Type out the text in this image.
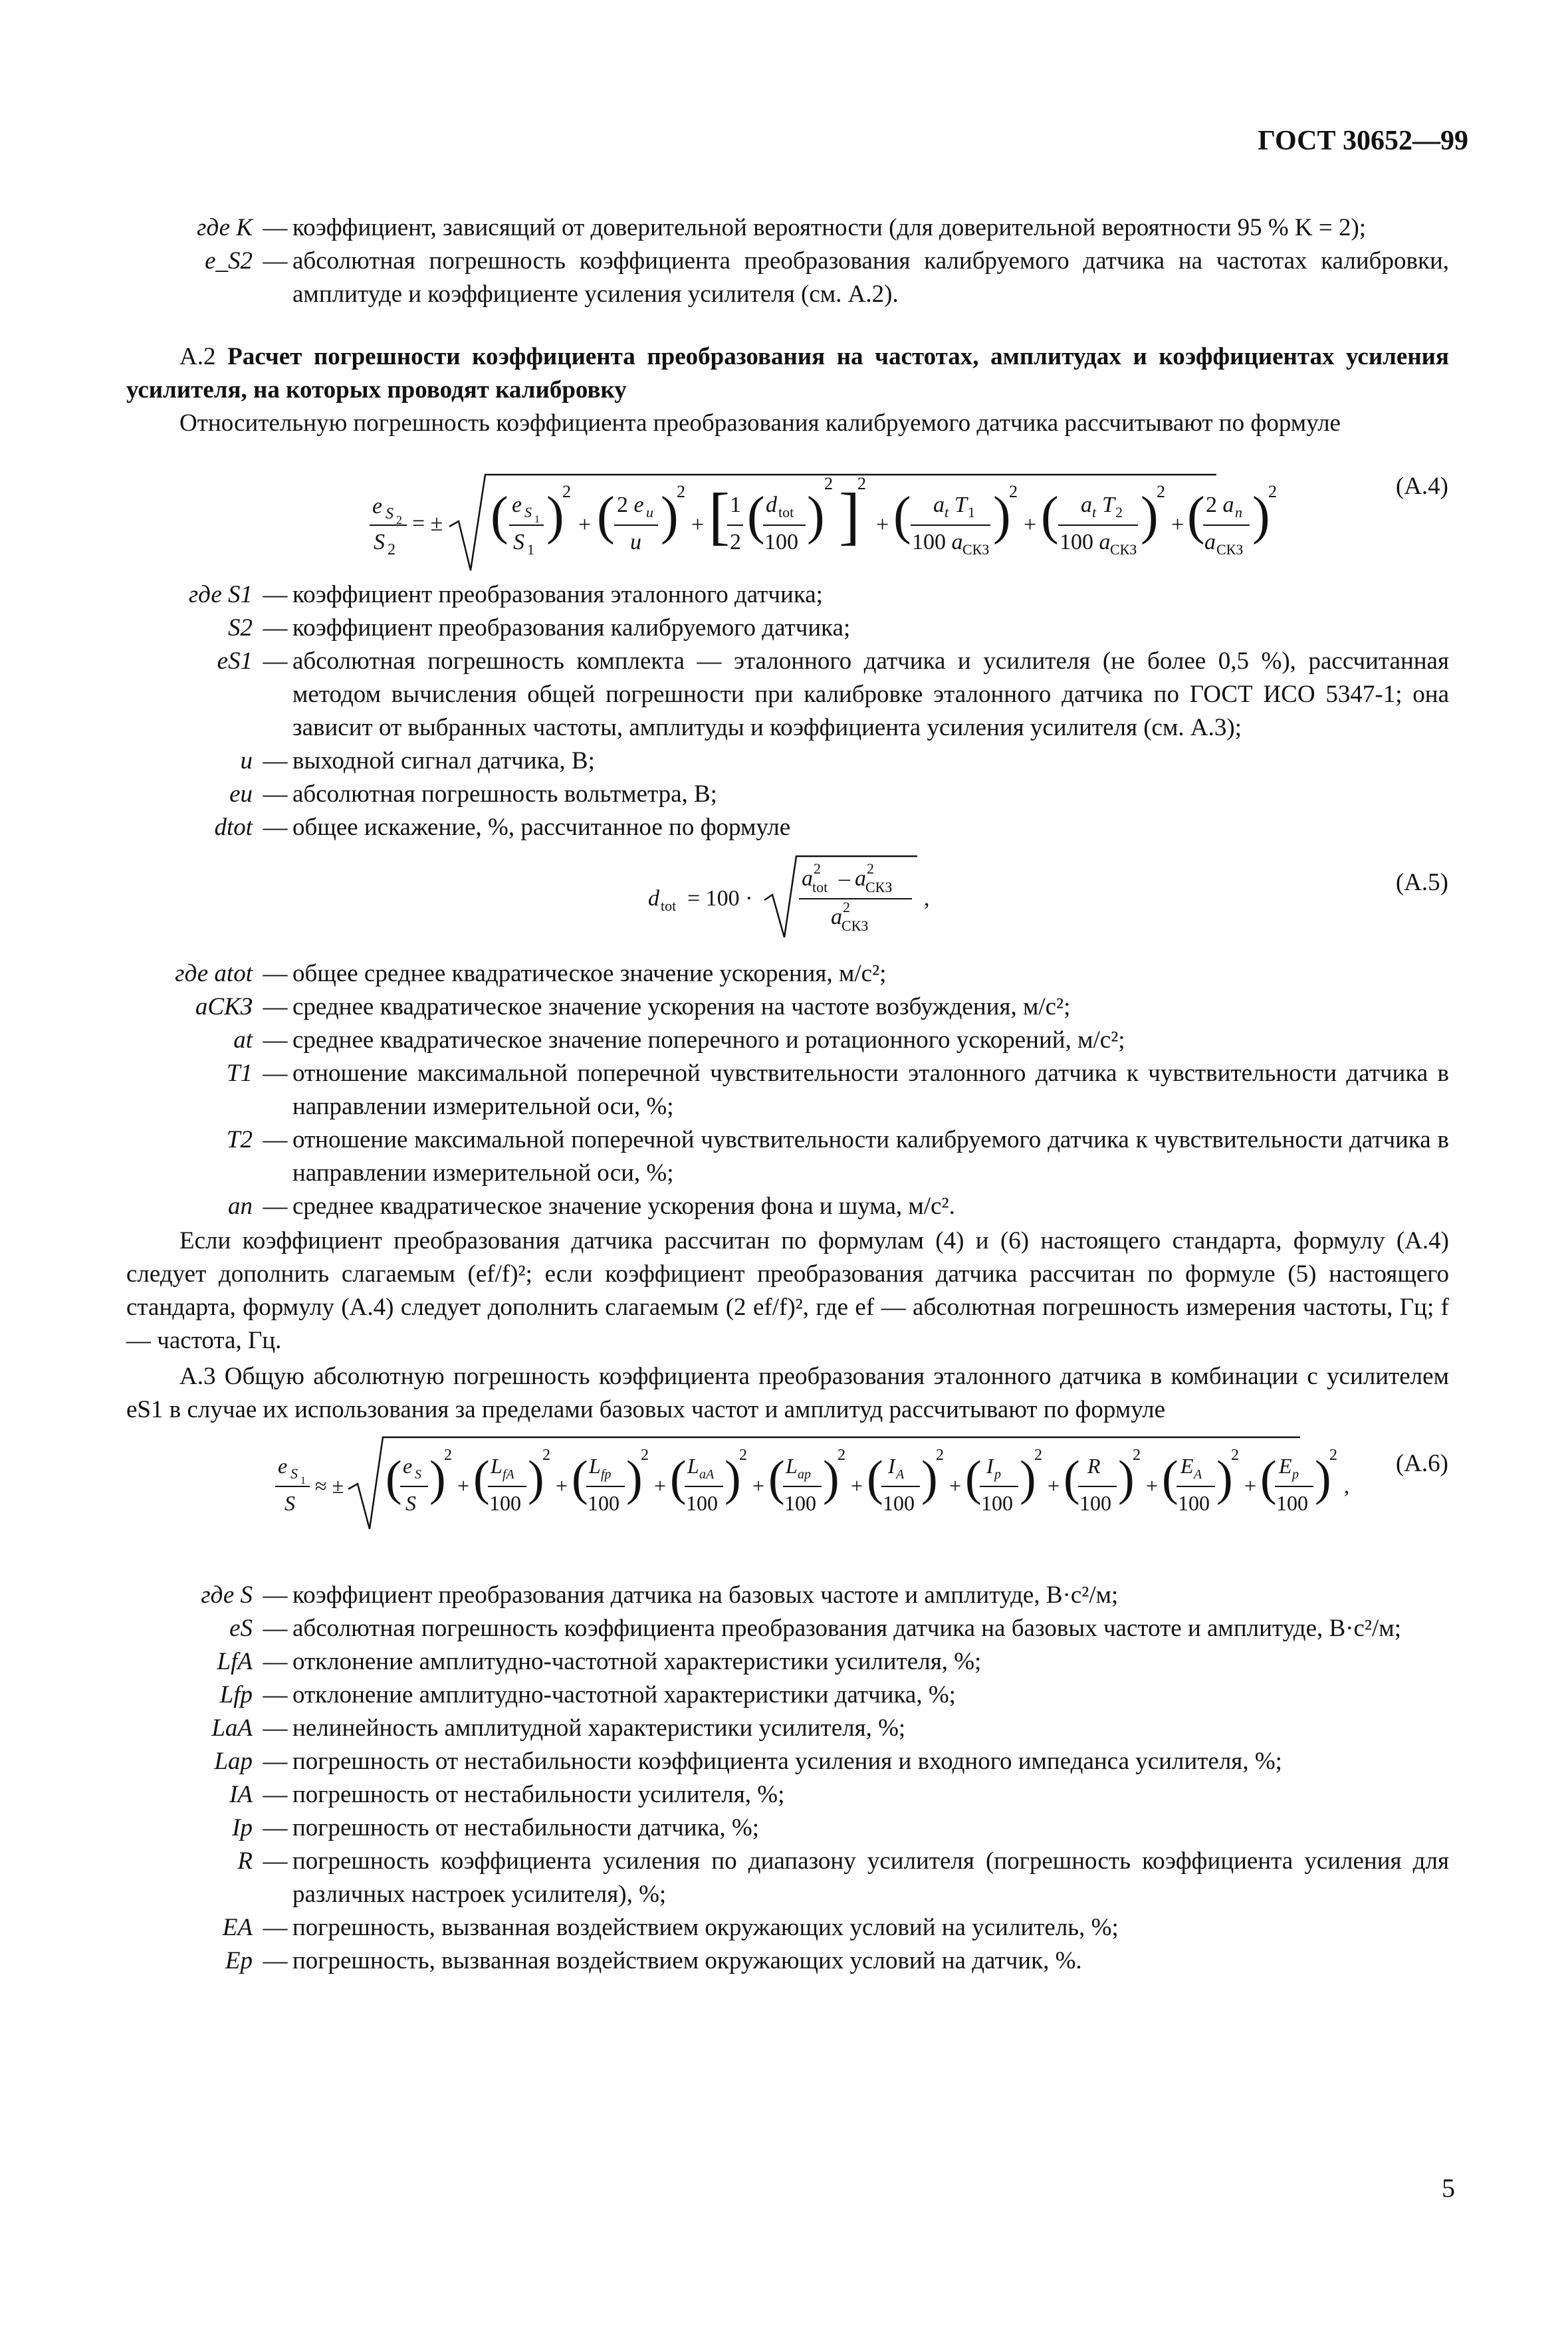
ГОСТ 30652—99
где K — коэффициент, зависящий от доверительной вероятности (для доверительной вероятности 95 % K = 2);
e_S2 — абсолютная погрешность коэффициента преобразования калибруемого датчика на частотах калибровки, амплитуде и коэффициенте усиления усилителя (см. А.2).
А.2 Расчет погрешности коэффициента преобразования на частотах, амплитудах и коэффициентах усиления усилителя, на которых проводят калибровку
Относительную погрешность коэффициента преобразования калибруемого датчика рассчитывают по формуле
e S 2
S 2
= ± ( e S 1
S 1
)
2
+ ( 2 e u
u )
2
+ [ 1
2 ( d tot
100 )
2 ]
2
+ ( a t T 1
100 a СКЗ
)
2
+ ( a t T 2
100 a СКЗ
)
2
+ ( 2 a n
a СКЗ
)
2	(А.4)
где S1 — коэффициент преобразования эталонного датчика;
S2 — коэффициент преобразования калибруемого датчика;
eS1 — абсолютная погрешность комплекта — эталонного датчика и усилителя (не более 0,5 %), рассчитанная методом вычисления общей погрешности при калибровке эталонного датчика по ГОСТ ИСО 5347-1; она зависит от выбранных частоты, амплитуды и коэффициента усиления усилителя (см. А.3);
u — выходной сигнал датчика, В;
eu — абсолютная погрешность вольтметра, В;
dtot — общее искажение, %, рассчитанное по формуле
d tot = 100 ·
a 2
tot – a 2
СКЗ
a 2
СКЗ
,
(А.5)
где atot — общее среднее квадратическое значение ускорения, м/с²;
aСКЗ — среднее квадратическое значение ускорения на частоте возбуждения, м/с²;
at — среднее квадратическое значение поперечного и ротационного ускорений, м/с²;
T1 — отношение максимальной поперечной чувствительности эталонного датчика к чувствительности датчика в направлении измерительной оси, %;
T2 — отношение максимальной поперечной чувствительности калибруемого датчика к чувствительности датчика в направлении измерительной оси, %;
an — среднее квадратическое значение ускорения фона и шума, м/с².
Если коэффициент преобразования датчика рассчитан по формулам (4) и (6) настоящего стандарта, формулу (А.4) следует дополнить слагаемым (ef/f)²; если коэффициент преобразования датчика рассчитан по формуле (5) настоящего стандарта, формулу (А.4) следует дополнить слагаемым (2 ef/f)², где ef — абсолютная погрешность измерения частоты, Гц; f — частота, Гц.
А.3 Общую абсолютную погрешность коэффициента преобразования эталонного датчика в комбинации с усилителем eS1 в случае их использования за пределами базовых частот и амплитуд рассчитывают по формуле
e S 1
S
≈ ± ( e S
S )
2
+ ( L fA
100 )
2
+ ( L fp
100 )
2
+ ( L aA
100 )
2
+ ( L ap
100 )
2
+ ( I A
100 )
2
+ ( I p
100 )
2
+ ( R
100 )
2
+ ( E A
100 )
2
+ ( E p
100 )
2
,
(А.6)
где S — коэффициент преобразования датчика на базовых частоте и амплитуде, В·с²/м;
eS — абсолютная погрешность коэффициента преобразования датчика на базовых частоте и амплитуде, В·с²/м;
LfA — отклонение амплитудно-частотной характеристики усилителя, %;
Lfp — отклонение амплитудно-частотной характеристики датчика, %;
LaA — нелинейность амплитудной характеристики усилителя, %;
Lap — погрешность от нестабильности коэффициента усиления и входного импеданса усилителя, %;
IA — погрешность от нестабильности усилителя, %;
Ip — погрешность от нестабильности датчика, %;
R — погрешность коэффициента усиления по диапазону усилителя (погрешность коэффициента усиления для различных настроек усилителя), %;
EA — погрешность, вызванная воздействием окружающих условий на усилитель, %;
Ep — погрешность, вызванная воздействием окружающих условий на датчик, %.
5
